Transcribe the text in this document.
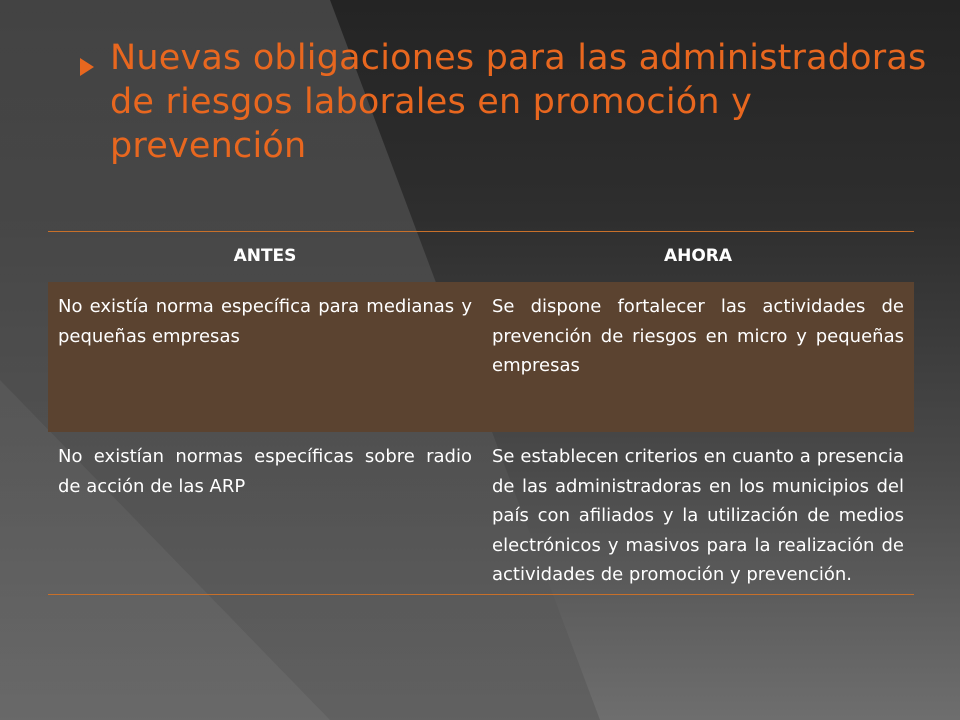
Nuevas obligaciones para las administradoras de riesgos laborales en promoción y prevención
ANTES	AHORA
No existía norma específica para medianas y pequeñas empresas	Se dispone fortalecer las actividades de prevención de riesgos en micro y pequeñas empresas
No existían normas específicas sobre radio de acción de las ARP	Se establecen criterios en cuanto a presencia de las administradoras en los municipios del país con afiliados y la utilización de medios electrónicos y masivos para la realización de actividades de promoción y prevención.
